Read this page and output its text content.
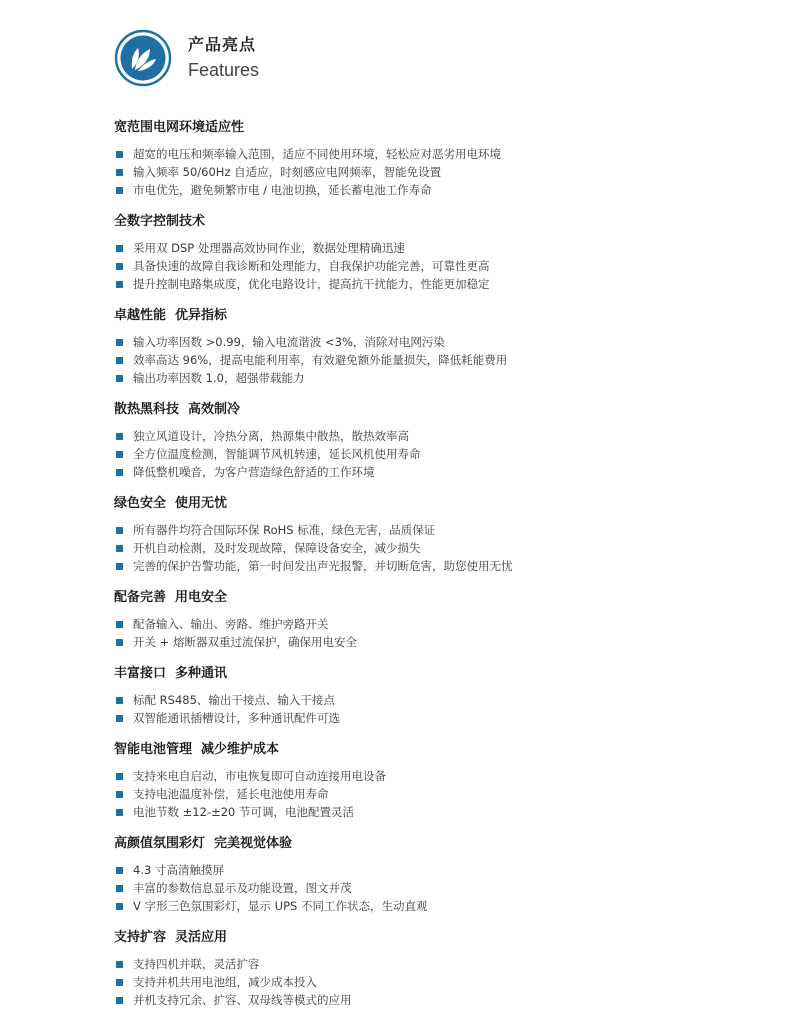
产品亮点
Features
宽范围电网环境适应性
超宽的电压和频率输入范围，适应不同使用环境，轻松应对恶劣用电环境
输入频率 50/60Hz 自适应，时刻感应电网频率，智能免设置
市电优先，避免频繁市电 / 电池切换，延长蓄电池工作寿命
全数字控制技术
采用双 DSP 处理器高效协同作业，数据处理精确迅速
具备快速的故障自我诊断和处理能力，自我保护功能完善，可靠性更高
提升控制电路集成度，优化电路设计，提高抗干扰能力，性能更加稳定
卓越性能  优异指标
输入功率因数 >0.99，输入电流谐波 <3%，消除对电网污染
效率高达 96%，提高电能利用率，有效避免额外能量损失，降低耗能费用
输出功率因数 1.0，超强带载能力
散热黑科技  高效制冷
独立风道设计，冷热分离，热源集中散热，散热效率高
全方位温度检测，智能调节风机转速，延长风机使用寿命
降低整机噪音，为客户营造绿色舒适的工作环境
绿色安全  使用无忧
所有器件均符合国际环保 RoHS 标准，绿色无害，品质保证
开机自动检测，及时发现故障，保障设备安全，减少损失
完善的保护告警功能，第一时间发出声光报警，并切断危害，助您使用无忧
配备完善  用电安全
配备输入、输出、旁路、维护旁路开关
开关 + 熔断器双重过流保护，确保用电安全
丰富接口  多种通讯
标配 RS485、输出干接点、输入干接点
双智能通讯插槽设计，多种通讯配件可选
智能电池管理  减少维护成本
支持来电自启动，市电恢复即可自动连接用电设备
支持电池温度补偿，延长电池使用寿命
电池节数 ±12-±20 节可调，电池配置灵活
高颜值氛围彩灯  完美视觉体验
4.3 寸高清触摸屏
丰富的参数信息显示及功能设置，图文并茂
V 字形三色氛围彩灯，显示 UPS 不同工作状态，生动直观
支持扩容  灵活应用
支持四机并联，灵活扩容
支持并机共用电池组，减少成本投入
并机支持冗余、扩容、双母线等模式的应用
